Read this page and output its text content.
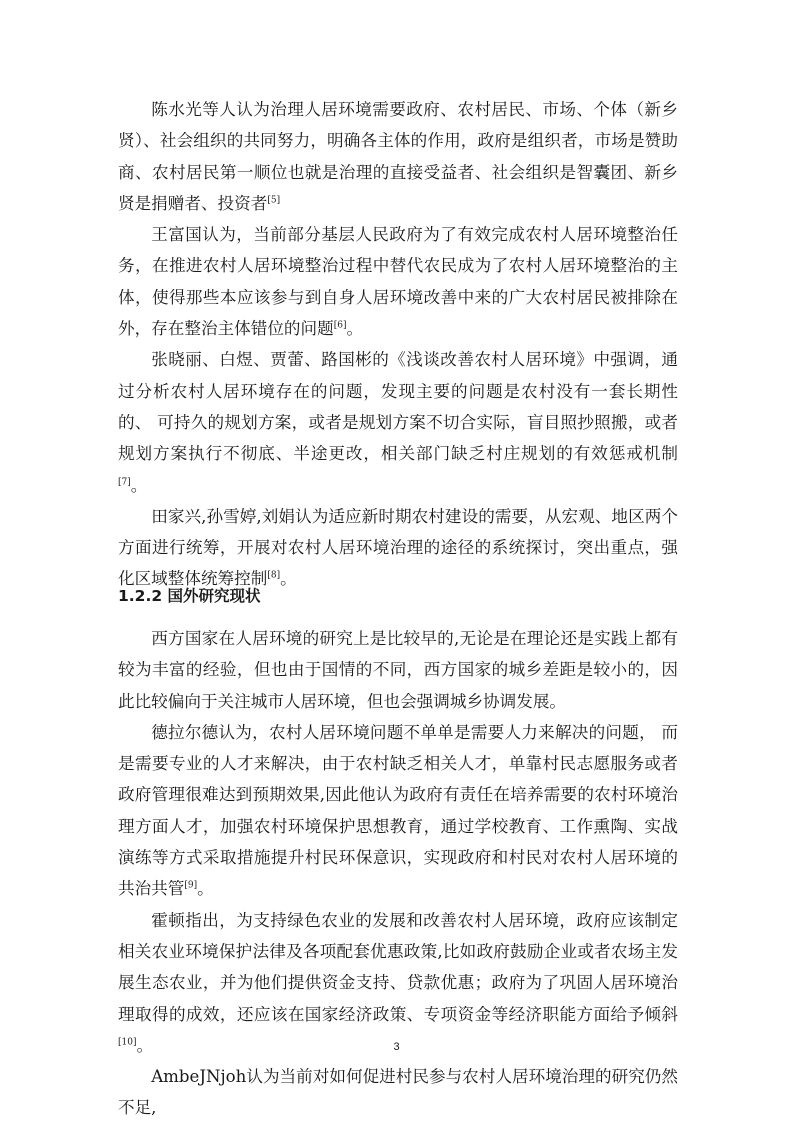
陈水光等人认为治理人居环境需要政府、农村居民、市场、个体（新乡贤）、社会组织的共同努力，明确各主体的作用，政府是组织者，市场是赞助商、农村居民第一顺位也就是治理的直接受益者、社会组织是智囊团、新乡贤是捐赠者、投资者[5]

王富国认为，当前部分基层人民政府为了有效完成农村人居环境整治任务，在推进农村人居环境整治过程中替代农民成为了农村人居环境整治的主体，使得那些本应该参与到自身人居环境改善中来的广大农村居民被排除在外，存在整治主体错位的问题[6]。

张晓丽、白煜、贾蕾、路国彬的《浅谈改善农村人居环境》中强调，通过分析农村人居环境存在的问题，发现主要的问题是农村没有一套长期性的、 可持久的规划方案，或者是规划方案不切合实际，盲目照抄照搬，或者规划方案执行不彻底、半途更改，相关部门缺乏村庄规划的有效惩戒机制[7]。

田家兴,孙雪婷,刘娟认为适应新时期农村建设的需要，从宏观、地区两个方面进行统筹，开展对农村人居环境治理的途径的系统探讨，突出重点，强化区域整体统筹控制[8]。

1.2.2 国外研究现状

西方国家在人居环境的研究上是比较早的,无论是在理论还是实践上都有较为丰富的经验，但也由于国情的不同，西方国家的城乡差距是较小的，因此比较偏向于关注城市人居环境，但也会强调城乡协调发展。

德拉尔德认为，农村人居环境问题不单单是需要人力来解决的问题， 而是需要专业的人才来解决，由于农村缺乏相关人才，单靠村民志愿服务或者政府管理很难达到预期效果,因此他认为政府有责任在培养需要的农村环境治理方面人才，加强农村环境保护思想教育，通过学校教育、工作熏陶、实战演练等方式采取措施提升村民环保意识，实现政府和村民对农村人居环境的共治共管[9]。

霍顿指出，为支持绿色农业的发展和改善农村人居环境，政府应该制定相关农业环境保护法律及各项配套优惠政策,比如政府鼓励企业或者农场主发展生态农业，并为他们提供资金支持、贷款优惠；政府为了巩固人居环境治理取得的成效，还应该在国家经济政策、专项资金等经济职能方面给予倾斜[10]。

AmbeJNjoh认为当前对如何促进村民参与农村人居环境治理的研究仍然不足,

3
